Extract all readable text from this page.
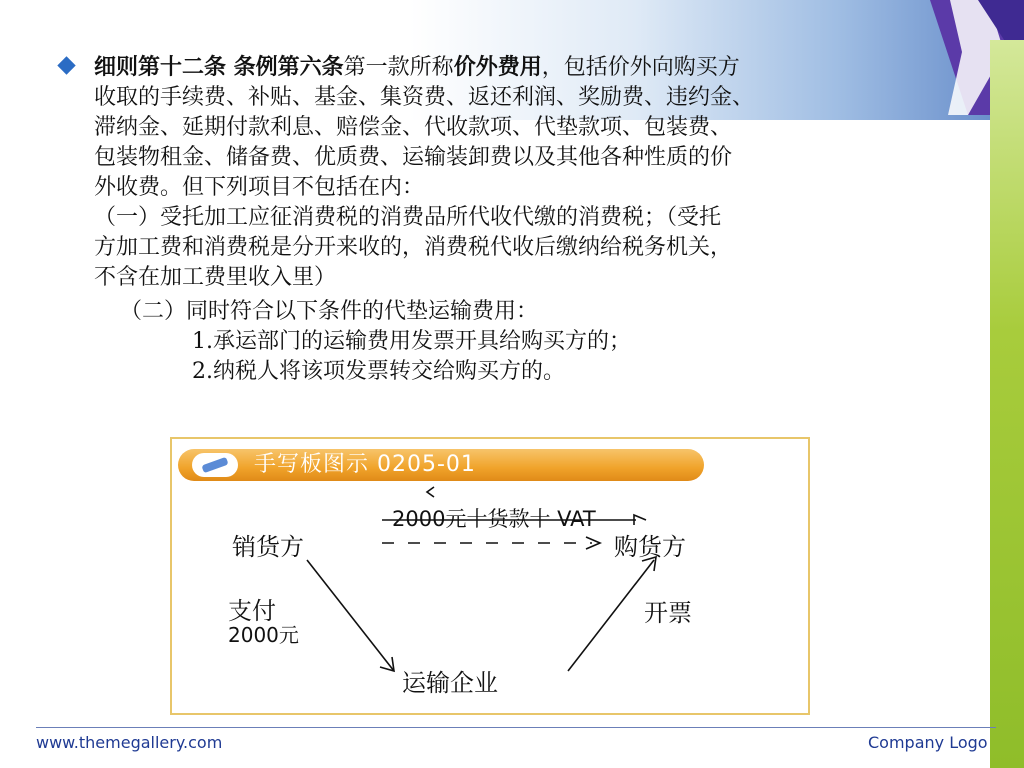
细则第十二条 条例第六条第一款所称价外费用，包括价外向购买方
收取的手续费、补贴、基金、集资费、返还利润、奖励费、违约金、
滞纳金、延期付款利息、赔偿金、代收款项、代垫款项、包装费、
包装物租金、储备费、优质费、运输装卸费以及其他各种性质的价
外收费。但下列项目不包括在内：
（一）受托加工应征消费税的消费品所代收代缴的消费税；（受托
方加工费和消费税是分开来收的，消费税代收后缴纳给税务机关，
不含在加工费里收入里）
（二）同时符合以下条件的代垫运输费用：
1.承运部门的运输费用发票开具给购买方的；
2.纳税人将该项发票转交给购买方的。
手写板图示 0205-01
2000元十货款十 VAT
销货方	购货方
支付
2000元
开票
运输企业
www.themegallery.com	Company Logo
